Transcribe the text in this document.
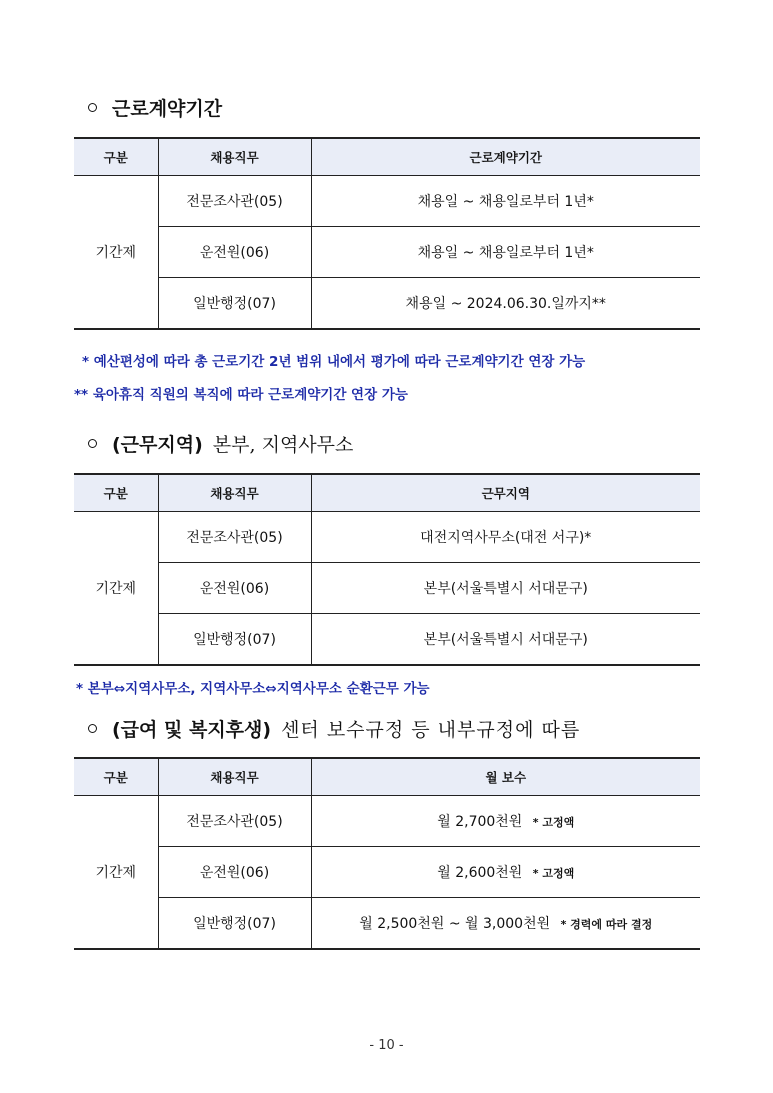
근로계약기간
구분	채용직무	근로계약기간
기간제	전문조사관(05)	채용일 ~ 채용일로부터 1년*
	운전원(06)	채용일 ~ 채용일로부터 1년*
	일반행정(07)	채용일 ~ 2024.06.30.일까지**
* 예산편성에 따라 총 근로기간 2년 범위 내에서 평가에 따라 근로계약기간 연장 가능
** 육아휴직 직원의 복직에 따라 근로계약기간 연장 가능
(근무지역) 본부, 지역사무소
구분	채용직무	근무지역
기간제	전문조사관(05)	대전지역사무소(대전 서구)*
	운전원(06)	본부(서울특별시 서대문구)
	일반행정(07)	본부(서울특별시 서대문구)
* 본부⇔지역사무소, 지역사무소⇔지역사무소 순환근무 가능
(급여 및 복지후생) 센터 보수규정 등 내부규정에 따름
구분	채용직무	월 보수
기간제	전문조사관(05)	월 2,700천원 * 고정액
	운전원(06)	월 2,600천원 * 고정액
	일반행정(07)	월 2,500천원 ~ 월 3,000천원 * 경력에 따라 결정
- 10 -
